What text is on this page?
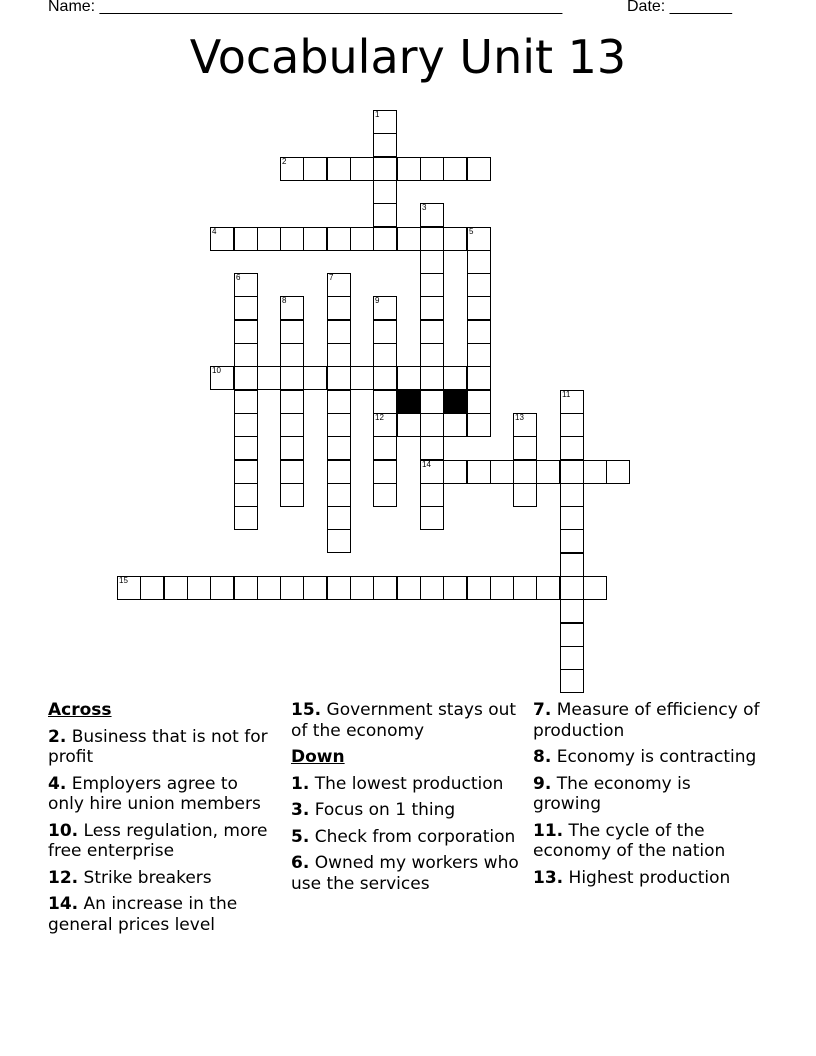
Name: ____________________________________________________	Date: _______
Vocabulary Unit 13
1
2
3
14
4	5
6	7
8	9
12
10
11
13
15
Across
2. Business that is not for profit
4. Employers agree to only hire union members
10. Less regulation, more free enterprise
12. Strike breakers
14. An increase in the general prices level
15. Government stays out of the economy
Down
1. The lowest production
3. Focus on 1 thing
5. Check from corporation
6. Owned my workers who use the services
7. Measure of efficiency of production
8. Economy is contracting
9. The economy is growing
11. The cycle of the economy of the nation
13. Highest production
